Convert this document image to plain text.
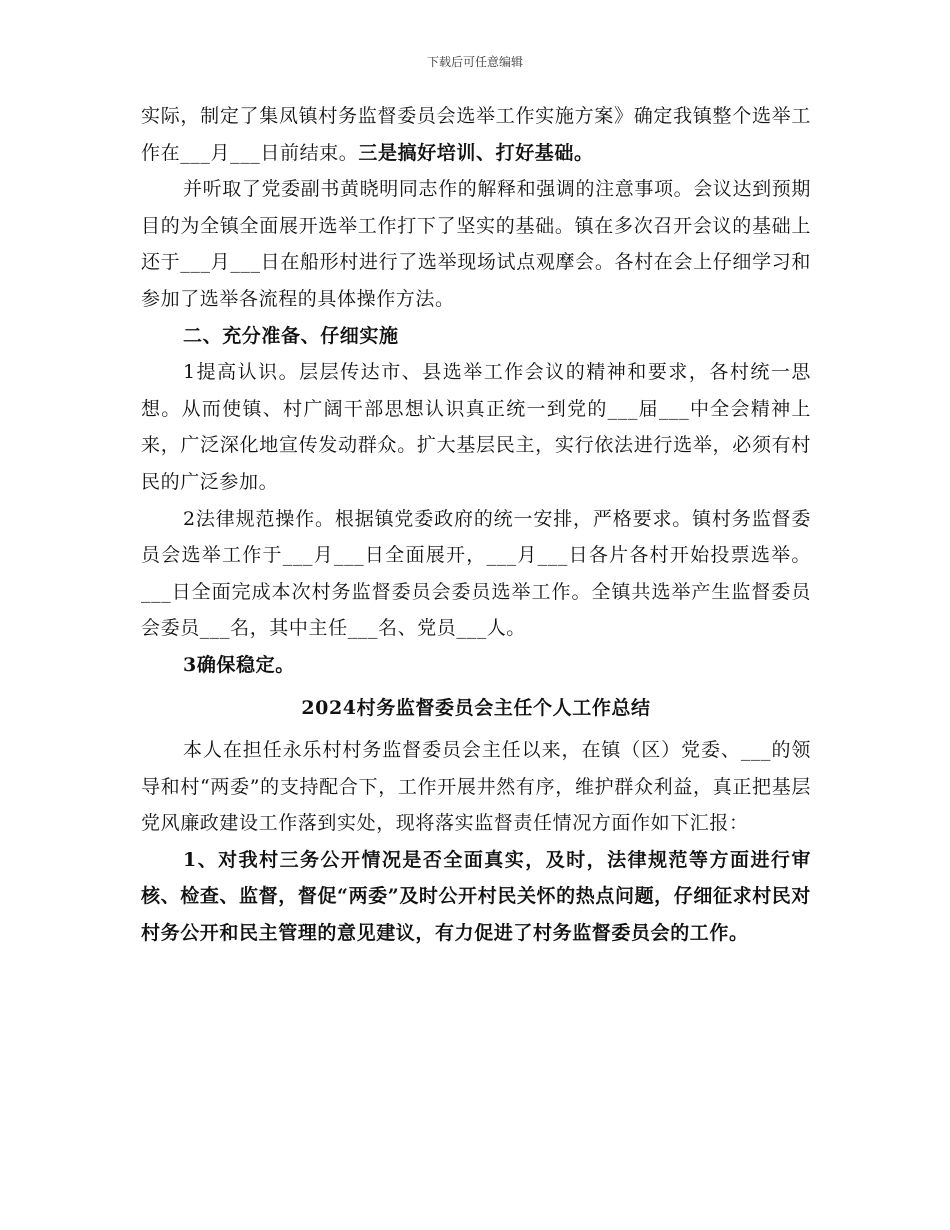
下载后可任意编辑

实际，制定了集凤镇村务监督委员会选举工作实施方案》确定我镇整个选举工作在___月___日前结束。三是搞好培训、打好基础。

并听取了党委副书黄晓明同志作的解释和强调的注意事项。会议达到预期目的为全镇全面展开选举工作打下了坚实的基础。镇在多次召开会议的基础上还于___月___日在船形村进行了选举现场试点观摩会。各村在会上仔细学习和参加了选举各流程的具体操作方法。

二、充分准备、仔细实施

1提高认识。层层传达市、县选举工作会议的精神和要求，各村统一思想。从而使镇、村广阔干部思想认识真正统一到党的___届___中全会精神上来，广泛深化地宣传发动群众。扩大基层民主，实行依法进行选举，必须有村民的广泛参加。

2法律规范操作。根据镇党委政府的统一安排，严格要求。镇村务监督委员会选举工作于___月___日全面展开，___月___日各片各村开始投票选举。___日全面完成本次村务监督委员会委员选举工作。全镇共选举产生监督委员会委员___名，其中主任___名、党员___人。

3确保稳定。

2024村务监督委员会主任个人工作总结

本人在担任永乐村村务监督委员会主任以来，在镇（区）党委、___的领导和村“两委”的支持配合下，工作开展井然有序，维护群众利益，真正把基层党风廉政建设工作落到实处，现将落实监督责任情况方面作如下汇报：

1、对我村三务公开情况是否全面真实，及时，法律规范等方面进行审核、检查、监督，督促“两委”及时公开村民关怀的热点问题，仔细征求村民对村务公开和民主管理的意见建议，有力促进了村务监督委员会的工作。
